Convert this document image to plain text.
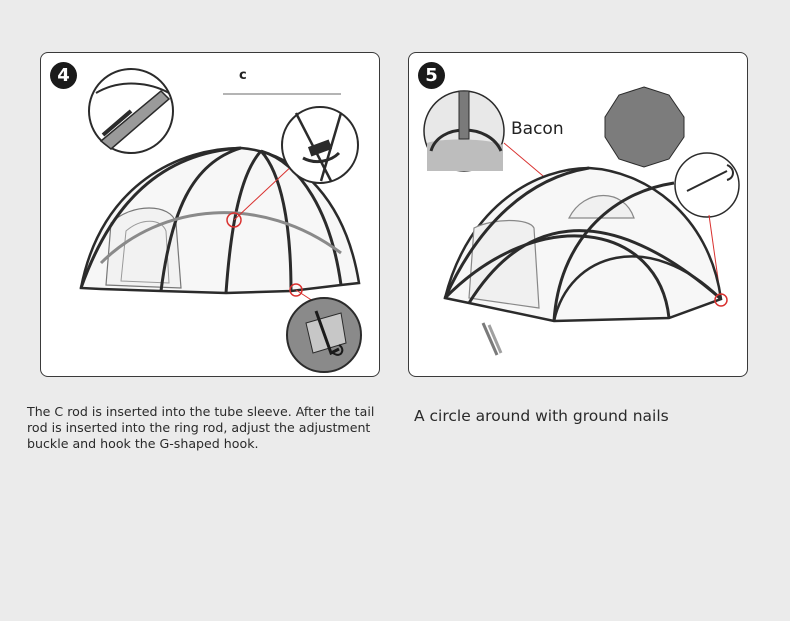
4	c	5
Bacon
The C rod is inserted into the tube sleeve. After the tail rod is inserted into the ring rod, adjust the adjustment buckle and hook the G-shaped hook.
A circle around with ground nails
